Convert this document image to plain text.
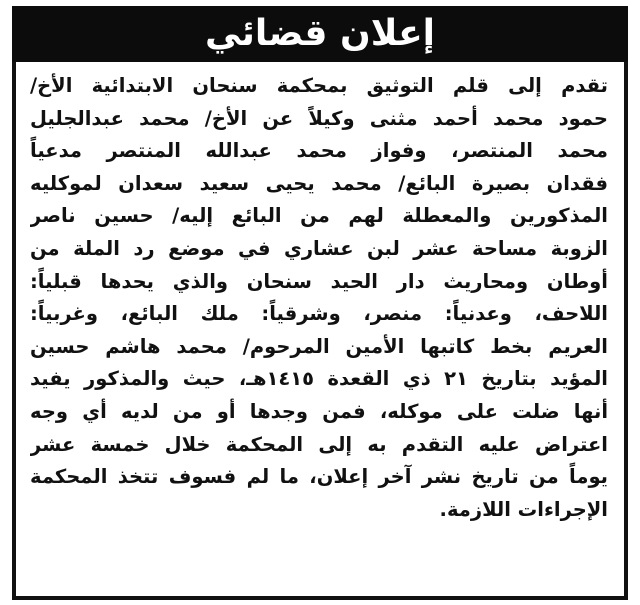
إعلان قضائي
تقدم إلى قلم التوثيق بمحكمة سنحان الابتدائية الأخ/
حمود محمد أحمد مثنى وكيلاً عن الأخ/ محمد عبدالجليل
محمد المنتصر، وفواز محمد عبدالله المنتصر مدعياً
فقدان بصيرة البائع/ محمد يحيى سعيد سعدان لموكليه
المذكورين والمعطلة لهم من البائع إليه/ حسين ناصر
الزوبة مساحة عشر لبن عشاري في موضع رد الملة من
أوطان ومحاريث دار الحيد سنحان والذي يحدها قبلياً:
اللاحف، وعدنياً: منصر، وشرقياً: ملك البائع، وغربياً:
العريم بخط كاتبها الأمين المرحوم/ محمد هاشم حسين
المؤيد بتاريخ ٢١ ذي القعدة ١٤١٥هـ، حيث والمذكور يفيد
أنها ضلت على موكله، فمن وجدها أو من لديه أي وجه
اعتراض عليه التقدم به إلى المحكمة خلال خمسة عشر
يوماً من تاريخ نشر آخر إعلان، ما لم فسوف تتخذ المحكمة
الإجراءات اللازمة.
